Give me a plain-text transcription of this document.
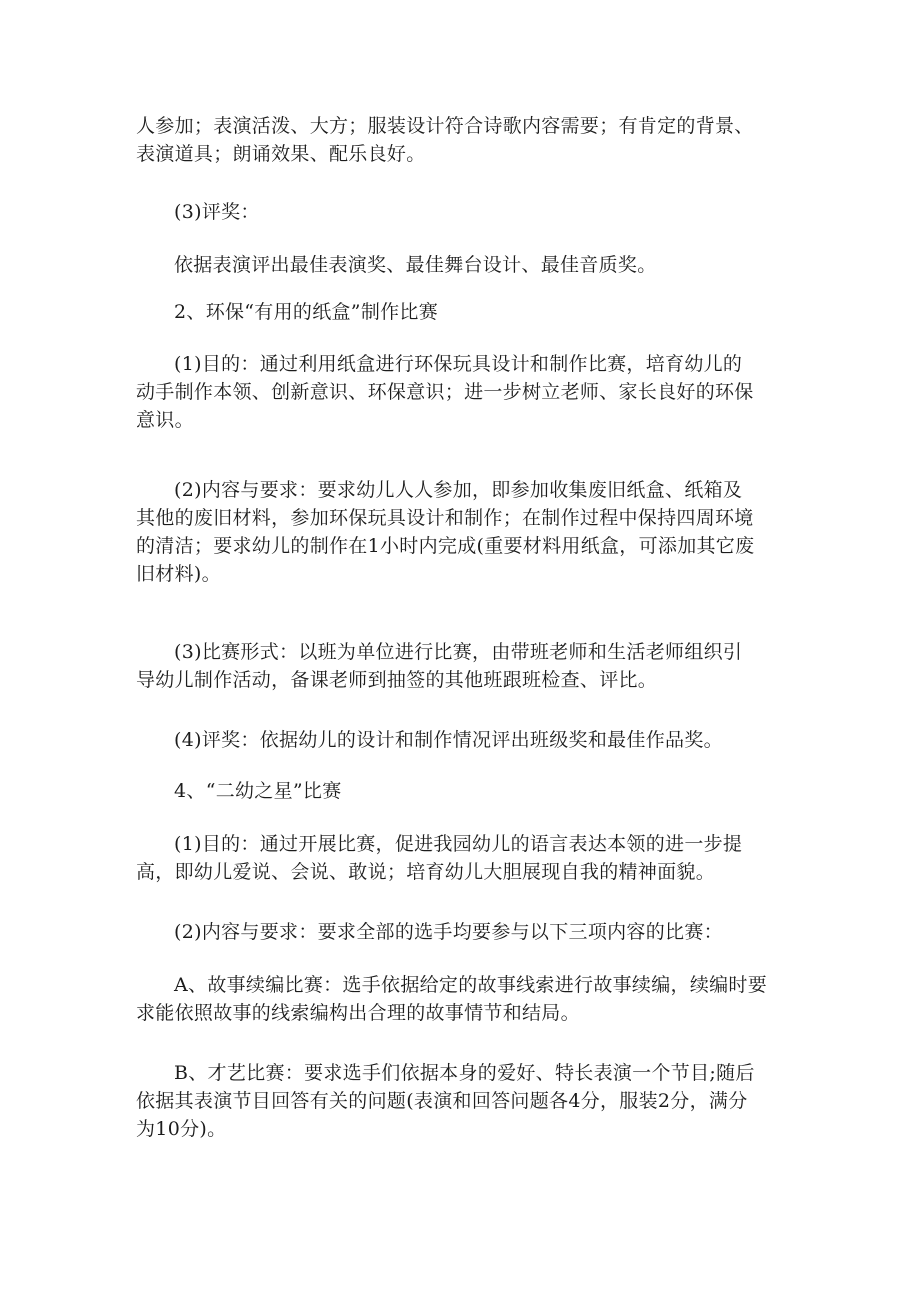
人参加；表演活泼、大方；服装设计符合诗歌内容需要；有肯定的背景、
表演道具；朗诵效果、配乐良好。

(3)评奖：

依据表演评出最佳表演奖、最佳舞台设计、最佳音质奖。

2、环保“有用的纸盒”制作比赛

(1)目的：通过利用纸盒进行环保玩具设计和制作比赛，培育幼儿的
动手制作本领、创新意识、环保意识；进一步树立老师、家长良好的环保
意识。

(2)内容与要求：要求幼儿人人参加，即参加收集废旧纸盒、纸箱及
其他的废旧材料，参加环保玩具设计和制作；在制作过程中保持四周环境
的清洁；要求幼儿的制作在1小时内完成(重要材料用纸盒，可添加其它废
旧材料)。

(3)比赛形式：以班为单位进行比赛，由带班老师和生活老师组织引
导幼儿制作活动，备课老师到抽签的其他班跟班检查、评比。

(4)评奖：依据幼儿的设计和制作情况评出班级奖和最佳作品奖。

4、“二幼之星”比赛

(1)目的：通过开展比赛，促进我园幼儿的语言表达本领的进一步提
高，即幼儿爱说、会说、敢说；培育幼儿大胆展现自我的精神面貌。

(2)内容与要求：要求全部的选手均要参与以下三项内容的比赛：

A、故事续编比赛：选手依据给定的故事线索进行故事续编，续编时要
求能依照故事的线索编构出合理的故事情节和结局。

B、才艺比赛：要求选手们依据本身的爱好、特长表演一个节目;随后
依据其表演节目回答有关的问题(表演和回答问题各4分，服装2分，满分
为10分)。
